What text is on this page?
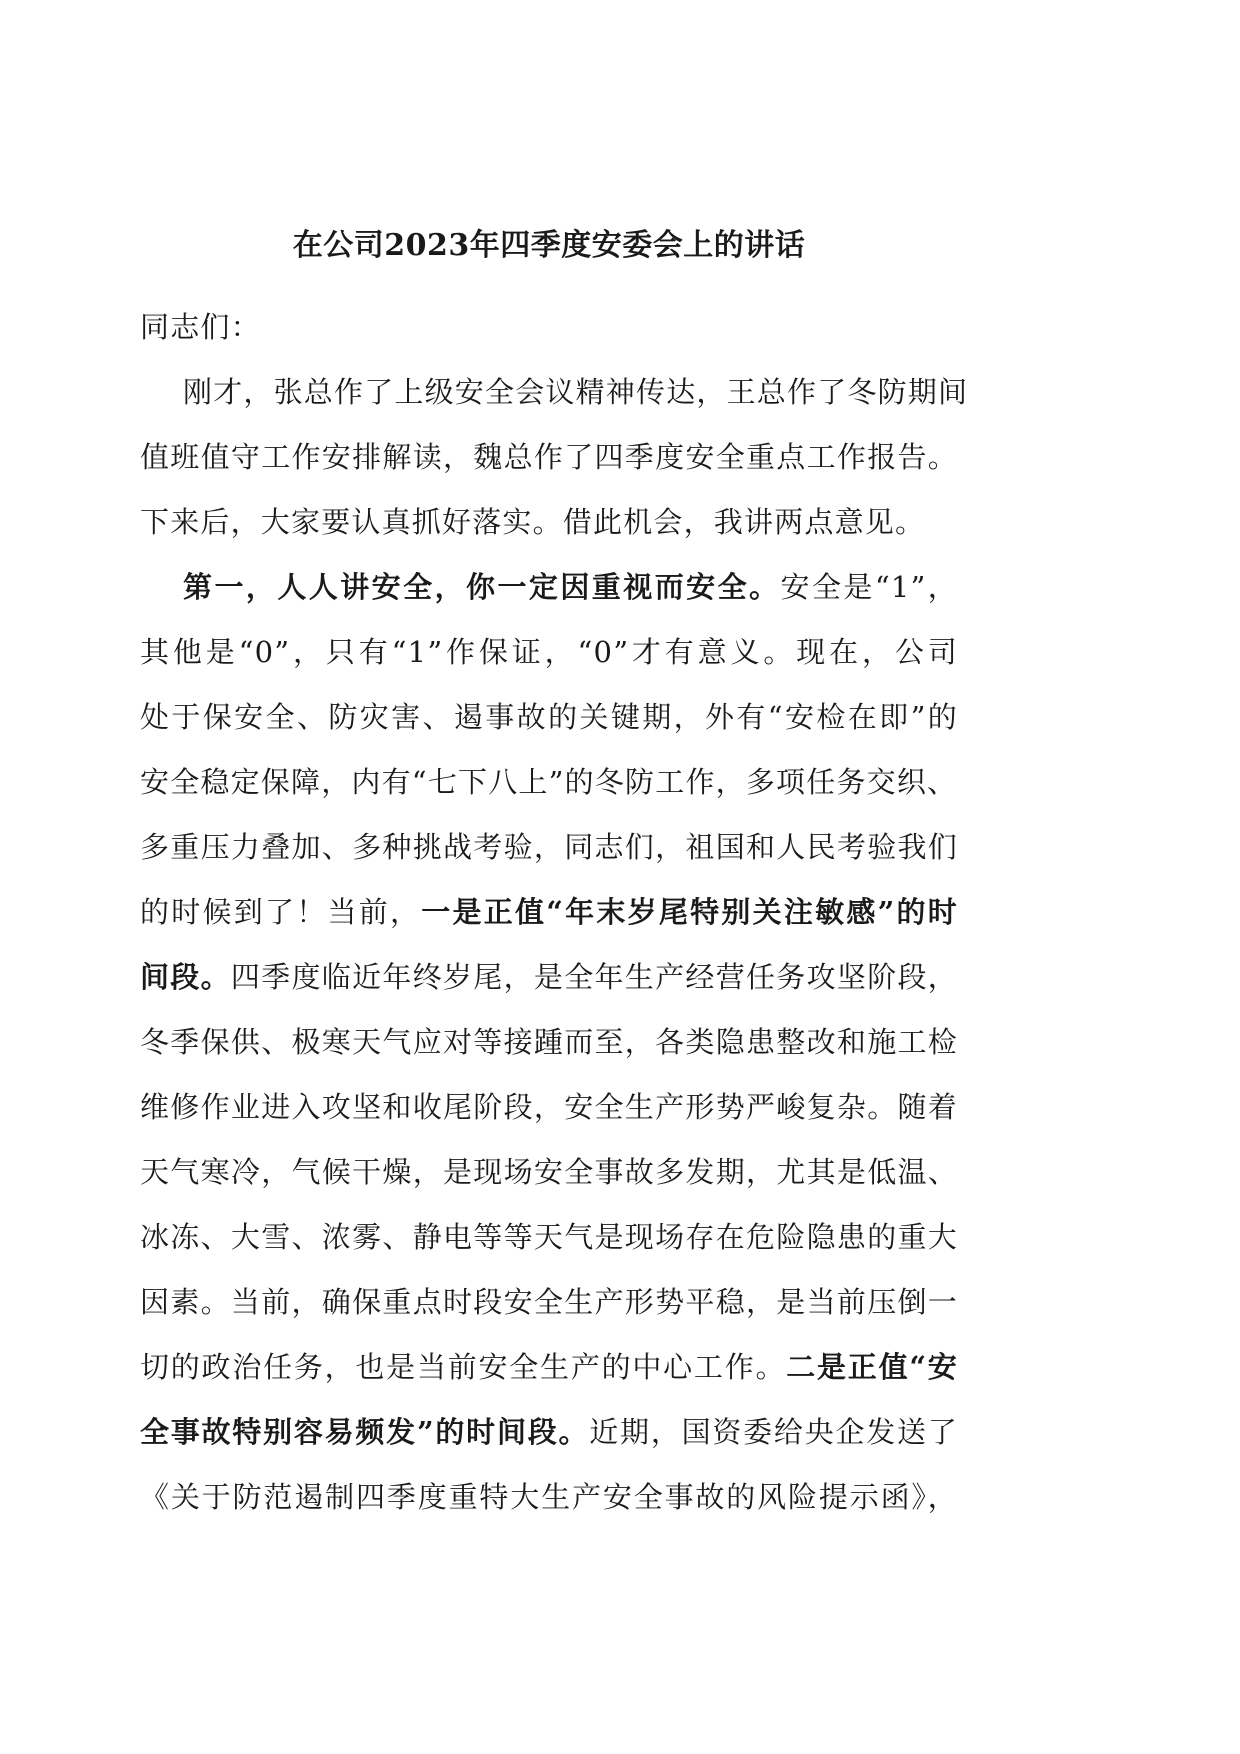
在公司2023年四季度安委会上的讲话
同志们：
刚才，张总作了上级安全会议精神传达，王总作了冬防期间
值班值守工作安排解读，魏总作了四季度安全重点工作报告。
下来后，大家要认真抓好落实。借此机会，我讲两点意见。
第一，人人讲安全，你一定因重视而安全。安全是“1”，
其他是“0”，只有“1”作保证，“0”才有意义。现在，公司
处于保安全、防灾害、遏事故的关键期，外有“安检在即”的
安全稳定保障，内有“七下八上”的冬防工作，多项任务交织、
多重压力叠加、多种挑战考验，同志们，祖国和人民考验我们
的时候到了！当前，一是正值“年末岁尾特别关注敏感”的时
间段。四季度临近年终岁尾，是全年生产经营任务攻坚阶段，
冬季保供、极寒天气应对等接踵而至，各类隐患整改和施工检
维修作业进入攻坚和收尾阶段，安全生产形势严峻复杂。随着
天气寒冷，气候干燥，是现场安全事故多发期，尤其是低温、
冰冻、大雪、浓雾、静电等等天气是现场存在危险隐患的重大
因素。当前，确保重点时段安全生产形势平稳，是当前压倒一
切的政治任务，也是当前安全生产的中心工作。二是正值“安
全事故特别容易频发”的时间段。近期，国资委给央企发送了
《关于防范遏制四季度重特大生产安全事故的风险提示函》，
